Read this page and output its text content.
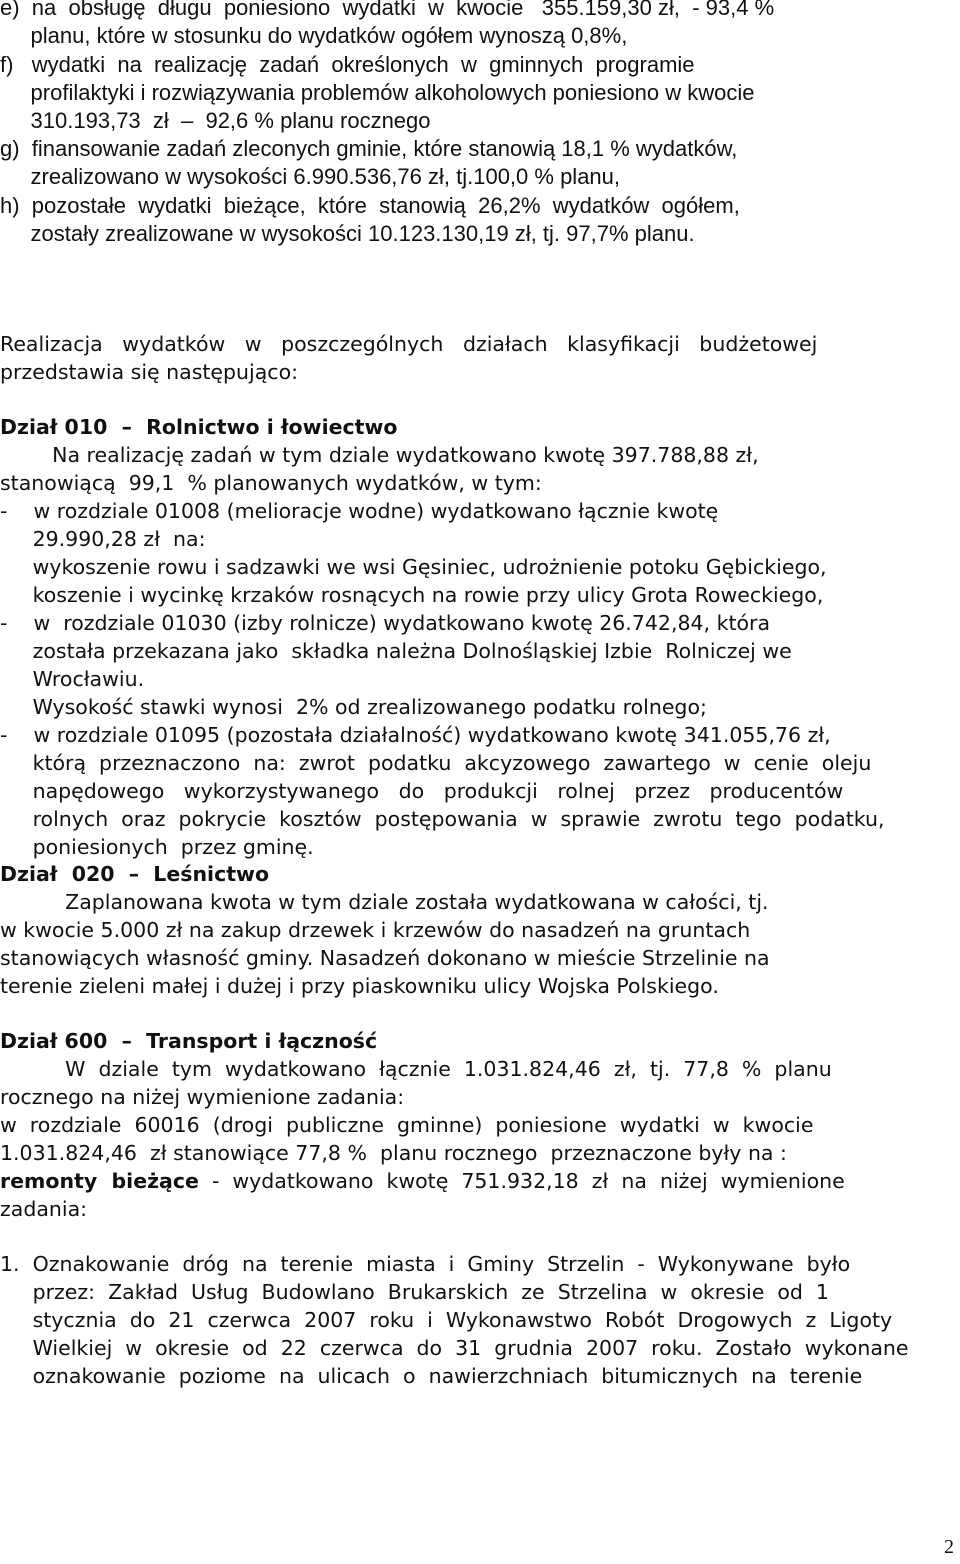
e)  na  obsługę  długu  poniesiono  wydatki  w  kwocie   355.159,30 zł,  - 93,4 %
planu, które w stosunku do wydatków ogółem wynoszą 0,8%,
f)   wydatki  na  realizację  zadań  określonych  w  gminnych  programie
profilaktyki i rozwiązywania problemów alkoholowych poniesiono w kwocie
310.193,73  zł  –  92,6 % planu rocznego
g)  finansowanie zadań zleconych gminie, które stanowią 18,1 % wydatków,
zrealizowano w wysokości 6.990.536,76 zł, tj.100,0 % planu,
h)  pozostałe  wydatki  bieżące,  które  stanowią  26,2%  wydatków  ogółem,
zostały zrealizowane w wysokości 10.123.130,19 zł, tj. 97,7% planu.
Realizacja   wydatków   w   poszczególnych   działach   klasyfikacji   budżetowej
przedstawia się następująco:
Dział 010  –  Rolnictwo i łowiectwo
Na realizację zadań w tym dziale wydatkowano kwotę 397.788,88 zł,
stanowiącą  99,1  % planowanych wydatków, w tym:
-    w rozdziale 01008 (melioracje wodne) wydatkowano łącznie kwotę
29.990,28 zł  na:
wykoszenie rowu i sadzawki we wsi Gęsiniec, udrożnienie potoku Gębickiego,
koszenie i wycinkę krzaków rosnących na rowie przy ulicy Grota Roweckiego,
-    w  rozdziale 01030 (izby rolnicze) wydatkowano kwotę 26.742,84, która
została przekazana jako  składka należna Dolnośląskiej Izbie  Rolniczej we
Wrocławiu.
Wysokość stawki wynosi  2% od zrealizowanego podatku rolnego;
-    w rozdziale 01095 (pozostała działalność) wydatkowano kwotę 341.055,76 zł,
którą  przeznaczono  na:  zwrot  podatku  akcyzowego  zawartego  w  cenie  oleju
napędowego   wykorzystywanego   do   produkcji   rolnej   przez   producentów
rolnych  oraz  pokrycie  kosztów  postępowania  w  sprawie  zwrotu  tego  podatku,
poniesionych  przez gminę.
Dział  020  –  Leśnictwo
Zaplanowana kwota w tym dziale została wydatkowana w całości, tj.
w kwocie 5.000 zł na zakup drzewek i krzewów do nasadzeń na gruntach
stanowiących własność gminy. Nasadzeń dokonano w mieście Strzelinie na
terenie zieleni małej i dużej i przy piaskowniku ulicy Wojska Polskiego.
Dział 600  –  Transport i łączność
W  dziale  tym  wydatkowano  łącznie  1.031.824,46  zł,  tj.  77,8  %  planu
rocznego na niżej wymienione zadania:
w  rozdziale  60016  (drogi  publiczne  gminne)  poniesione  wydatki  w  kwocie
1.031.824,46  zł stanowiące 77,8 %  planu rocznego  przeznaczone były na :
remonty  bieżące  -  wydatkowano  kwotę  751.932,18  zł  na  niżej  wymienione
zadania:
1.  Oznakowanie  dróg  na  terenie  miasta  i  Gminy  Strzelin  -  Wykonywane  było
przez:  Zakład  Usług  Budowlano  Brukarskich  ze  Strzelina  w  okresie  od  1
stycznia  do  21  czerwca  2007  roku  i  Wykonawstwo  Robót  Drogowych  z  Ligoty
Wielkiej  w  okresie  od  22  czerwca  do  31  grudnia  2007  roku.  Zostało  wykonane
oznakowanie  poziome  na  ulicach  o  nawierzchniach  bitumicznych  na  terenie
2
